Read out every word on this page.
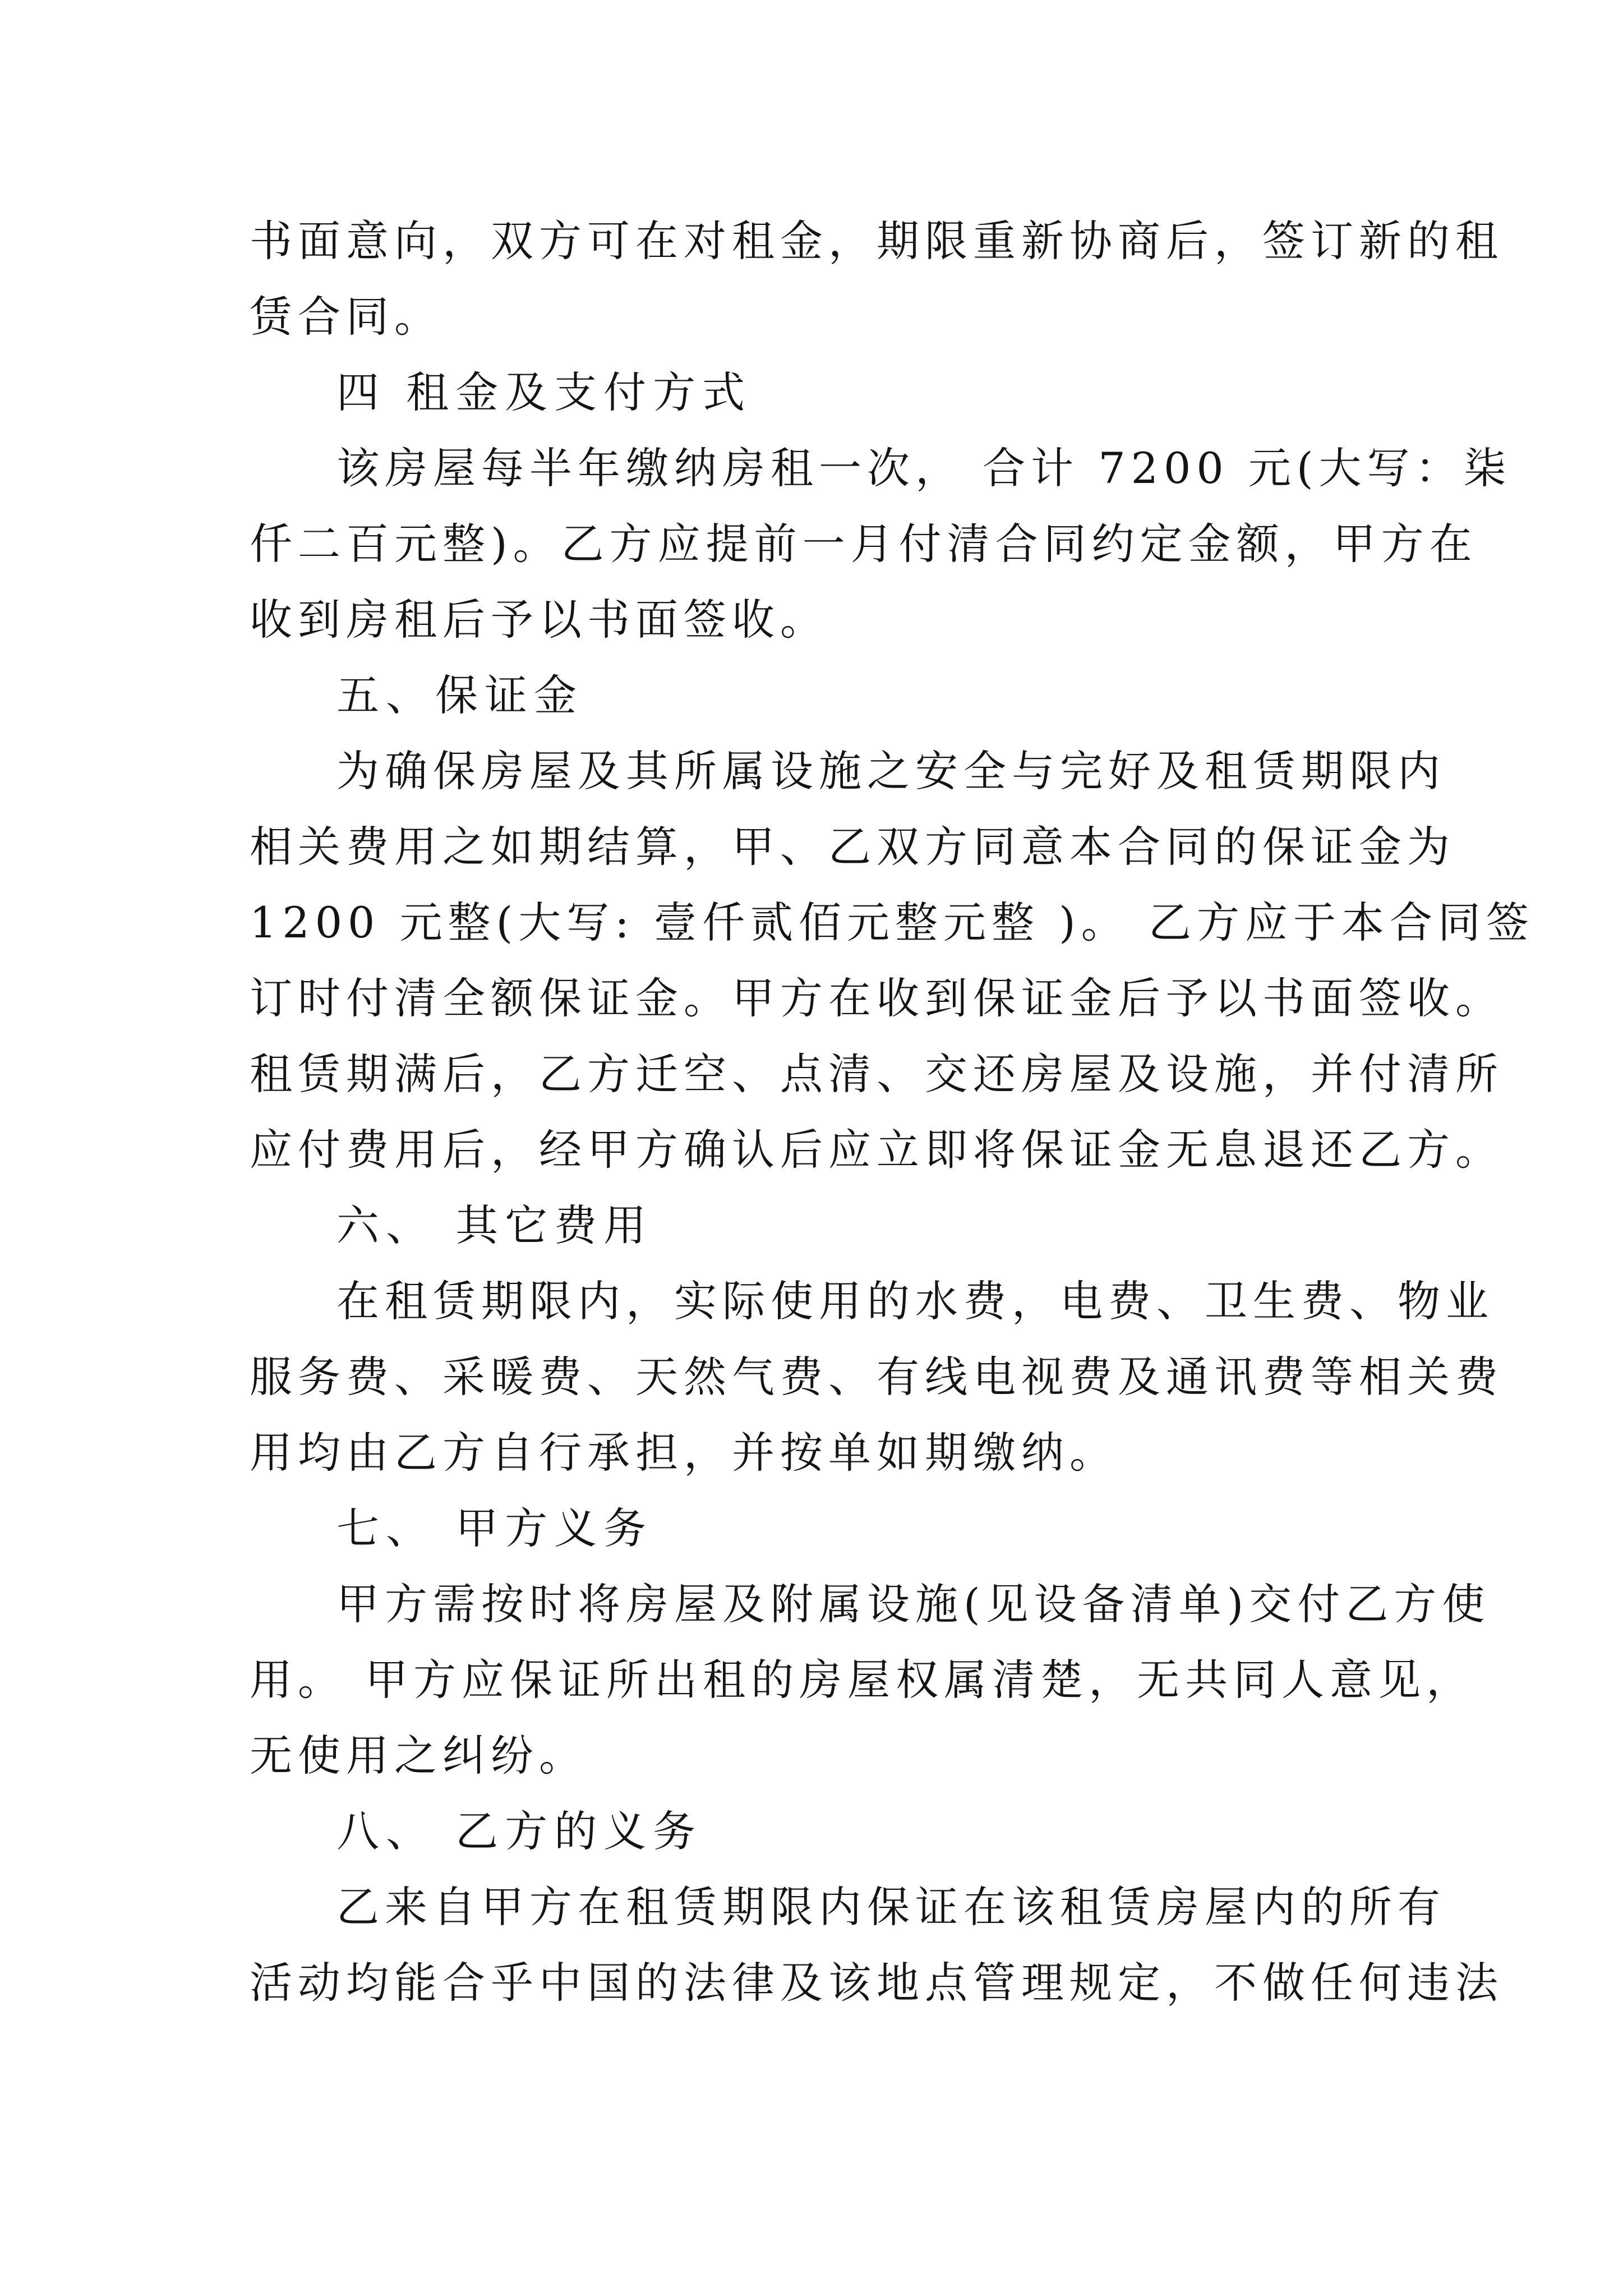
书面意向，双方可在对租金，期限重新协商后，签订新的租

赁合同。

四 租金及支付方式

该房屋每半年缴纳房租一次， 合计 7200 元(大写：柒

仟二百元整)。乙方应提前一月付清合同约定金额，甲方在

收到房租后予以书面签收。

五、保证金

为确保房屋及其所属设施之安全与完好及租赁期限内

相关费用之如期结算，甲、乙双方同意本合同的保证金为

1200 元整(大写: 壹仟贰佰元整元整 )。 乙方应于本合同签

订时付清全额保证金。甲方在收到保证金后予以书面签收。

租赁期满后，乙方迁空、点清、交还房屋及设施，并付清所

应付费用后，经甲方确认后应立即将保证金无息退还乙方。

六、 其它费用

在租赁期限内，实际使用的水费，电费、卫生费、物业

服务费、采暖费、天然气费、有线电视费及通讯费等相关费

用均由乙方自行承担，并按单如期缴纳。

七、 甲方义务

甲方需按时将房屋及附属设施(见设备清单)交付乙方使

用。 甲方应保证所出租的房屋权属清楚，无共同人意见，

无使用之纠纷。

八、 乙方的义务

乙来自甲方在租赁期限内保证在该租赁房屋内的所有

活动均能合乎中国的法律及该地点管理规定，不做任何违法
